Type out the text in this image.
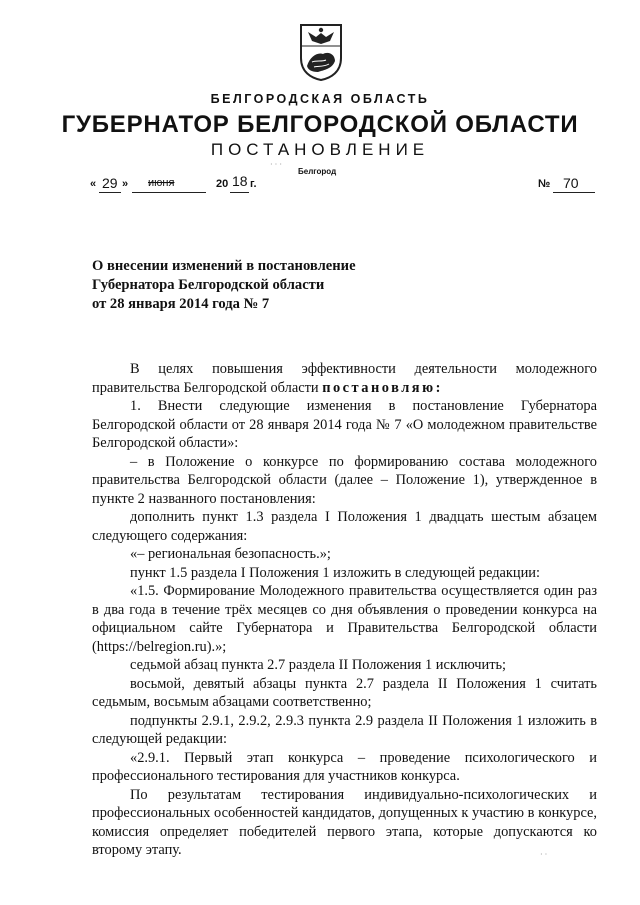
БЕЛГОРОДСКАЯ ОБЛАСТЬ
ГУБЕРНАТОР БЕЛГОРОДСКОЙ ОБЛАСТИ
ПОСТАНОВЛЕНИЕ
· · ·
Белгород
« 29 » июня	20 18 г.	№ 70
О внесении изменений в постановление
Губернатора Белгородской области
от 28 января 2014 года № 7

В целях повышения эффективности деятельности молодежного правительства Белгородской области постановляю:

1. Внести следующие изменения в постановление Губернатора Белгородской области от 28 января 2014 года № 7 «О молодежном правительстве Белгородской области»:

– в Положение о конкурсе по формированию состава молодежного правительства Белгородской области (далее – Положение 1), утвержденное в пункте 2 названного постановления:

дополнить пункт 1.3 раздела I Положения 1 двадцать шестым абзацем следующего содержания:

«– региональная безопасность.»;

пункт 1.5 раздела I Положения 1 изложить в следующей редакции:

«1.5. Формирование Молодежного правительства осуществляется один раз в два года в течение трёх месяцев со дня объявления о проведении конкурса на официальном сайте Губернатора и Правительства Белгородской области (https://belregion.ru).»;

седьмой абзац пункта 2.7 раздела II Положения 1 исключить;

восьмой, девятый абзацы пункта 2.7 раздела II Положения 1 считать седьмым, восьмым абзацами соответственно;

подпункты 2.9.1, 2.9.2, 2.9.3 пункта 2.9 раздела II Положения 1 изложить в следующей редакции:

«2.9.1. Первый этап конкурса – проведение психологического и профессионального тестирования для участников конкурса.

По результатам тестирования индивидуально-психологических и профессиональных особенностей кандидатов, допущенных к участию в конкурсе, комиссия определяет победителей первого этапа, которые допускаются ко второму этапу.	· ·
